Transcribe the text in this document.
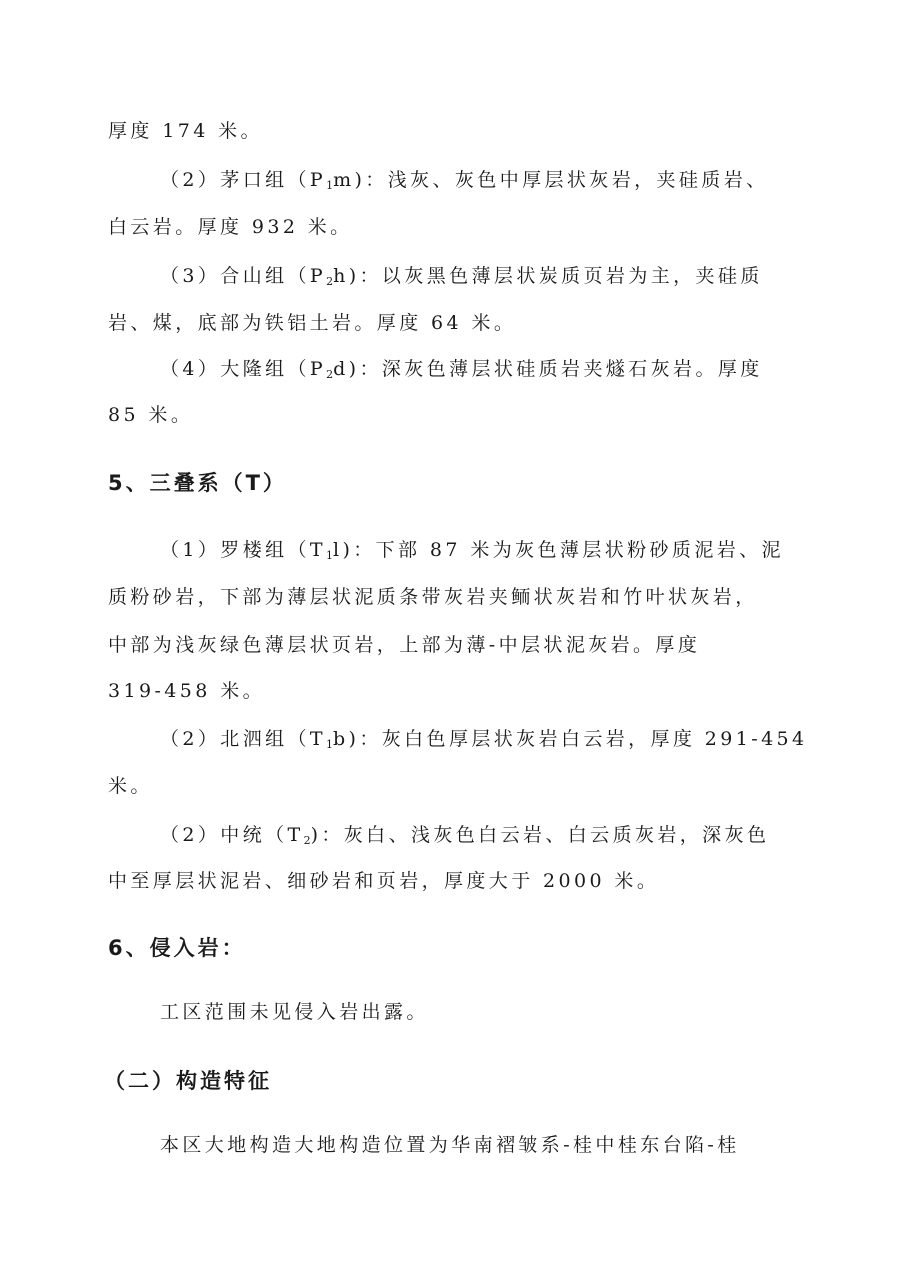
厚度 174 米。
（2）茅口组$(P_1m)$：浅灰、灰色中厚层状灰岩，夹硅质岩、
白云岩。厚度 932 米。
（3）合山组$(P_2h)$：以灰黑色薄层状炭质页岩为主，夹硅质
岩、煤，底部为铁铝土岩。厚度 64 米。
（4）大隆组$(P_2d)$：深灰色薄层状硅质岩夹燧石灰岩。厚度
85 米。
5、三叠系（T）
（1）罗楼组$(T_1l)$：下部 87 米为灰色薄层状粉砂质泥岩、泥
质粉砂岩，下部为薄层状泥质条带灰岩夹鲕状灰岩和竹叶状灰岩，
中部为浅灰绿色薄层状页岩，上部为薄-中层状泥灰岩。厚度
319-458 米。
（2）北泗组$(T_1b)$：灰白色厚层状灰岩白云岩，厚度 291-454
米。
（2）中统$(T_2)$：灰白、浅灰色白云岩、白云质灰岩，深灰色
中至厚层状泥岩、细砂岩和页岩，厚度大于 2000 米。
6、侵入岩：
工区范围未见侵入岩出露。
（二）构造特征
本区大地构造大地构造位置为华南褶皱系-桂中桂东台陷-桂
